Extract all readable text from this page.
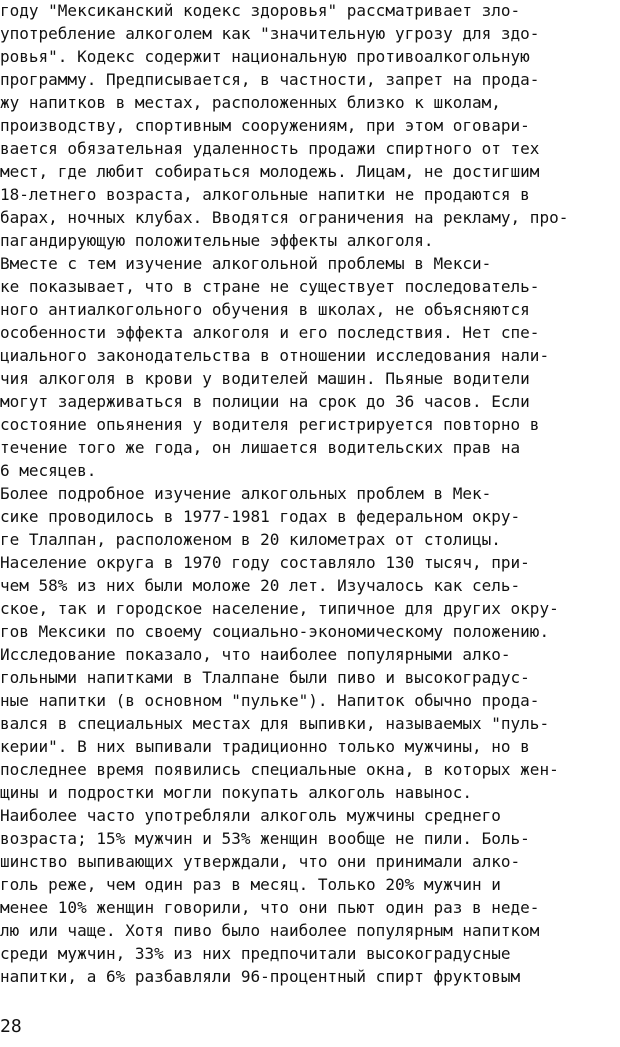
году "Мексиканский кодекс здоровья" рассматривает зло-
употребление алкоголем как "значительную угрозу для здо-
ровья". Кодекс содержит национальную противоалкогольную
программу. Предписывается, в частности, запрет на прода-
жу напитков в местах, расположенных близко к школам,
производству, спортивным сооружениям, при этом оговари-
вается обязательная удаленность продажи спиртного от тех
мест, где любит собираться молодежь. Лицам, не достигшим
18-летнего возраста, алкогольные напитки не продаются в
барах, ночных клубах. Вводятся ограничения на рекламу, про-
пагандирующую положительные эффекты алкоголя.
Вместе с тем изучение алкогольной проблемы в Мекси-
ке показывает, что в стране не существует последователь-
ного антиалкогольного обучения в школах, не объясняются
особенности эффекта алкоголя и его последствия. Нет спе-
циального законодательства в отношении исследования нали-
чия алкоголя в крови у водителей машин. Пьяные водители
могут задерживаться в полиции на срок до 36 часов. Если
состояние опьянения у водителя регистрируется повторно в
течение того же года, он лишается водительских прав на
6 месяцев.
Более подробное изучение алкогольных проблем в Мек-
сике проводилось в 1977-1981 годах в федеральном окру-
ге Тлалпан, расположеном в 20 километрах от столицы.
Население округа в 1970 году составляло 130 тысяч, при-
чем 58% из них были моложе 20 лет. Изучалось как сель-
ское, так и городское население, типичное для других окру-
гов Мексики по своему социально-экономическому положению.
Исследование показало, что наиболее популярными алко-
гольными напитками в Тлалпане были пиво и высокоградус-
ные напитки (в основном "пульке"). Напиток обычно прода-
вался в специальных местах для выпивки, называемых "пуль-
керии". В них выпивали традиционно только мужчины, но в
последнее время появились специальные окна, в которых жен-
щины и подростки могли покупать алкоголь навынос.
Наиболее часто употребляли алкоголь мужчины среднего
возраста; 15% мужчин и 53% женщин вообще не пили. Боль-
шинство выпивающих утверждали, что они принимали алко-
голь реже, чем один раз в месяц. Только 20% мужчин и
менее 10% женщин говорили, что они пьют один раз в неде-
лю или чаще. Хотя пиво было наиболее популярным напитком
среди мужчин, 33% из них предпочитали высокоградусные
напитки, а 6% разбавляли 96-процентный спирт фруктовым
28
